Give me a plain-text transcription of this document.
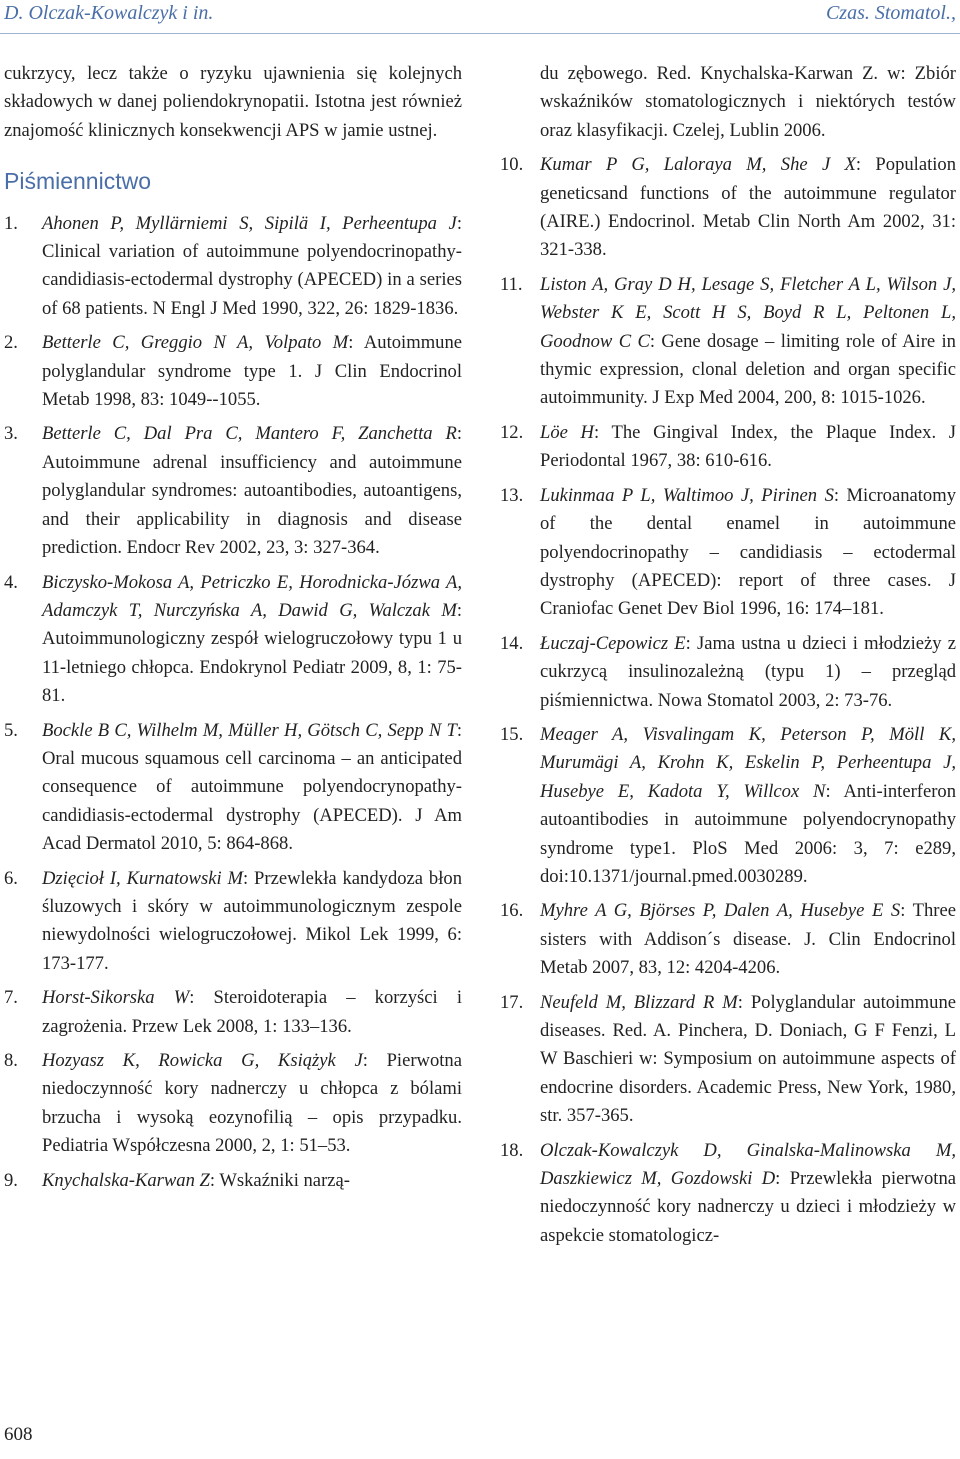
D. Olczak-Kowalczyk i in.	Czas. Stomatol.,

cukrzycy, lecz także o ryzyku ujawnienia się kolejnych składowych w danej poliendokrynopatii. Istotna jest również znajomość klinicznych konsekwencji APS w jamie ustnej.

Piśmiennictwo
1. Ahonen P, Myllärniemi S, Sipilä I, Perheentupa J: Clinical variation of autoimmune polyendocrinopathy-candidiasis-ectodermal dystrophy (APECED) in a series of 68 patients. N Engl J Med 1990, 322, 26: 1829-1836.
2. Betterle C, Greggio N A, Volpato M: Autoimmune polyglandular syndrome type 1. J Clin Endocrinol Metab 1998, 83: 1049--1055.
3. Betterle C, Dal Pra C, Mantero F, Zanchetta R: Autoimmune adrenal insufficiency and autoimmune polyglandular syndromes: autoantibodies, autoantigens, and their applicability in diagnosis and disease prediction. Endocr Rev 2002, 23, 3: 327-364.
4. Biczysko-Mokosa A, Petriczko E, Horodnicka-Józwa A, Adamczyk T, Nurczyńska A, Dawid G, Walczak M: Autoimmunologiczny zespół wielogruczołowy typu 1 u 11-letniego chłopca. Endokrynol Pediatr 2009, 8, 1: 75-81.
5. Bockle B C, Wilhelm M, Müller H, Götsch C, Sepp N T: Oral mucous squamous cell carcinoma – an anticipated consequence of autoimmune polyendocrynopathy-candidiasis-ectodermal dystrophy (APECED). J Am Acad Dermatol 2010, 5: 864-868.
6. Dzięcioł I, Kurnatowski M: Przewlekła kandydoza błon śluzowych i skóry w autoimmunologicznym zespole niewydolności wielogruczołowej. Mikol Lek 1999, 6: 173-177.
7. Horst-Sikorska W: Steroidoterapia – korzyści i zagrożenia. Przew Lek 2008, 1: 133–136.
8. Hozyasz K, Rowicka G, Książyk J: Pierwotna niedoczynność kory nadnerczy u chłopca z bólami brzucha i wysoką eozynofilią – opis przypadku. Pediatria Współczesna 2000, 2, 1: 51–53.
9. Knychalska-Karwan Z: Wskaźniki narzą-
du zębowego. Red. Knychalska-Karwan Z. w: Zbiór wskaźników stomatologicznych i niektórych testów oraz klasyfikacji. Czelej, Lublin 2006.
10. Kumar P G, Laloraya M, She J X: Population geneticsand functions of the autoimmune regulator (AIRE.) Endocrinol. Metab Clin North Am 2002, 31: 321-338.
11. Liston A, Gray D H, Lesage S, Fletcher A L, Wilson J, Webster K E, Scott H S, Boyd R L, Peltonen L, Goodnow C C: Gene dosage – limiting role of Aire in thymic expression, clonal deletion and organ specific autoimmunity. J Exp Med 2004, 200, 8: 1015-1026.
12. Löe H: The Gingival Index, the Plaque Index. J Periodontal 1967, 38: 610-616.
13. Lukinmaa P L, Waltimoo J, Pirinen S: Microanatomy of the dental enamel in autoimmune polyendocrinopathy – candidiasis – ectodermal dystrophy (APECED): report of three cases. J Craniofac Genet Dev Biol 1996, 16: 174–181.
14. Łuczaj-Cepowicz E: Jama ustna u dzieci i młodzieży z cukrzycą insulinozależną (typu 1) – przegląd piśmiennictwa. Nowa Stomatol 2003, 2: 73-76.
15. Meager A, Visvalingam K, Peterson P, Möll K, Murumägi A, Krohn K, Eskelin P, Perheentupa J, Husebye E, Kadota Y, Willcox N: Anti-interferon autoantibodies in autoimmune polyendocrynopathy syndrome type1. PloS Med 2006: 3, 7: e289, doi:10.1371/journal.pmed.0030289.
16. Myhre A G, Björses P, Dalen A, Husebye E S: Three sisters with Addison´s disease. J. Clin Endocrinol Metab 2007, 83, 12: 4204-4206.
17. Neufeld M, Blizzard R M: Polyglandular autoimmune diseases. Red. A. Pinchera, D. Doniach, G F Fenzi, L W Baschieri w: Symposium on autoimmune aspects of endocrine disorders. Academic Press, New York, 1980, str. 357-365.
18. Olczak-Kowalczyk D, Ginalska-Malinowska M, Daszkiewicz M, Gozdowski D: Przewlekła pierwotna niedoczynność kory nadnerczy u dzieci i młodzieży w aspekcie stomatologicz-
608
